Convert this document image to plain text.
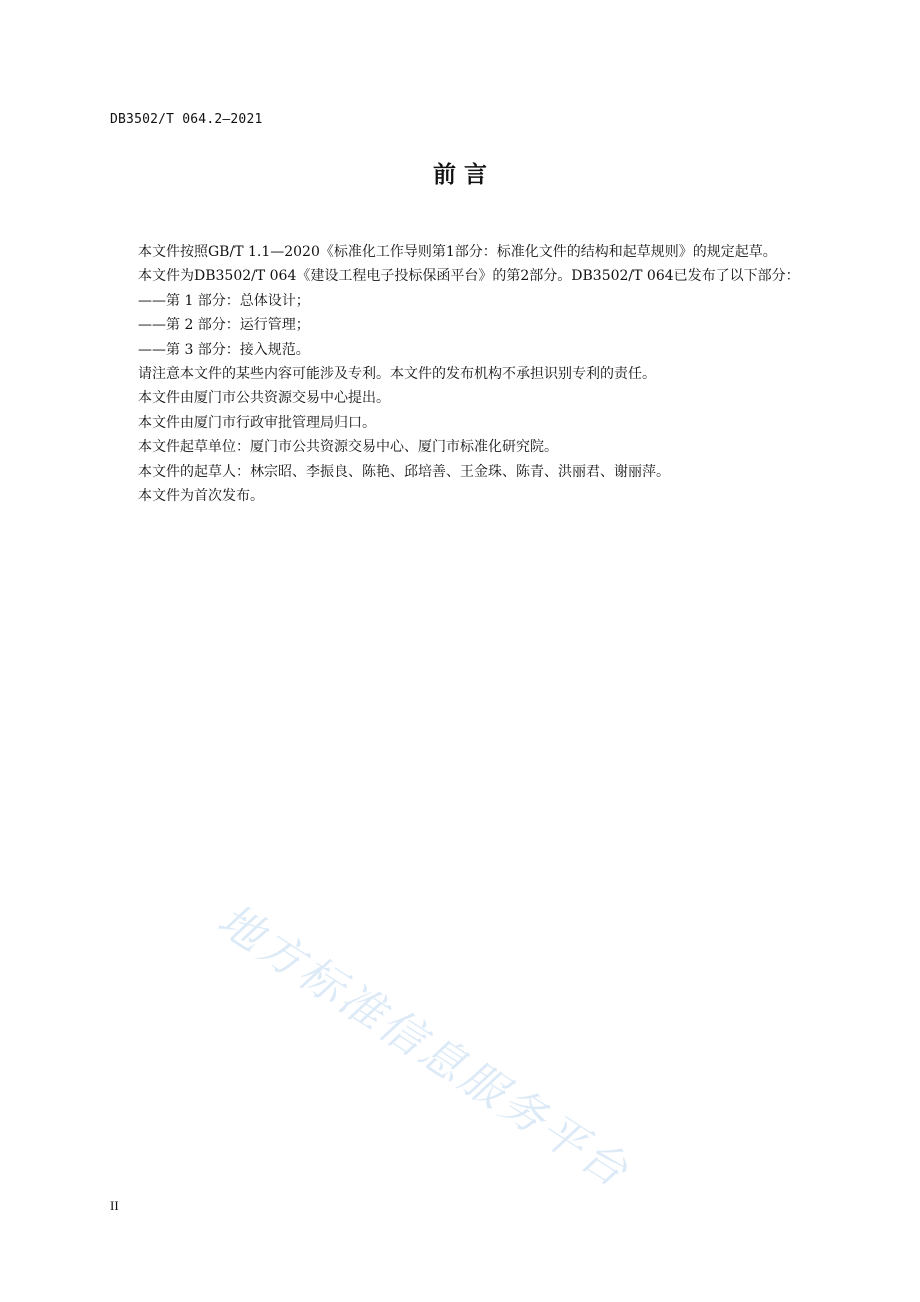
DB3502/T 064.2—2021
前 言

本文件按照GB/T 1.1—2020《标准化工作导则第1部分：标准化文件的结构和起草规则》的规定起草。

本文件为DB3502/T 064《建设工程电子投标保函平台》的第2部分。DB3502/T 064已发布了以下部分：

——第 1 部分：总体设计；

——第 2 部分：运行管理；

——第 3 部分：接入规范。

请注意本文件的某些内容可能涉及专利。本文件的发布机构不承担识别专利的责任。

本文件由厦门市公共资源交易中心提出。

本文件由厦门市行政审批管理局归口。

本文件起草单位：厦门市公共资源交易中心、厦门市标准化研究院。

本文件的起草人：林宗昭、李振良、陈艳、邱培善、王金珠、陈青、洪丽君、谢丽萍。

本文件为首次发布。

地方标准信息服务平台
II
